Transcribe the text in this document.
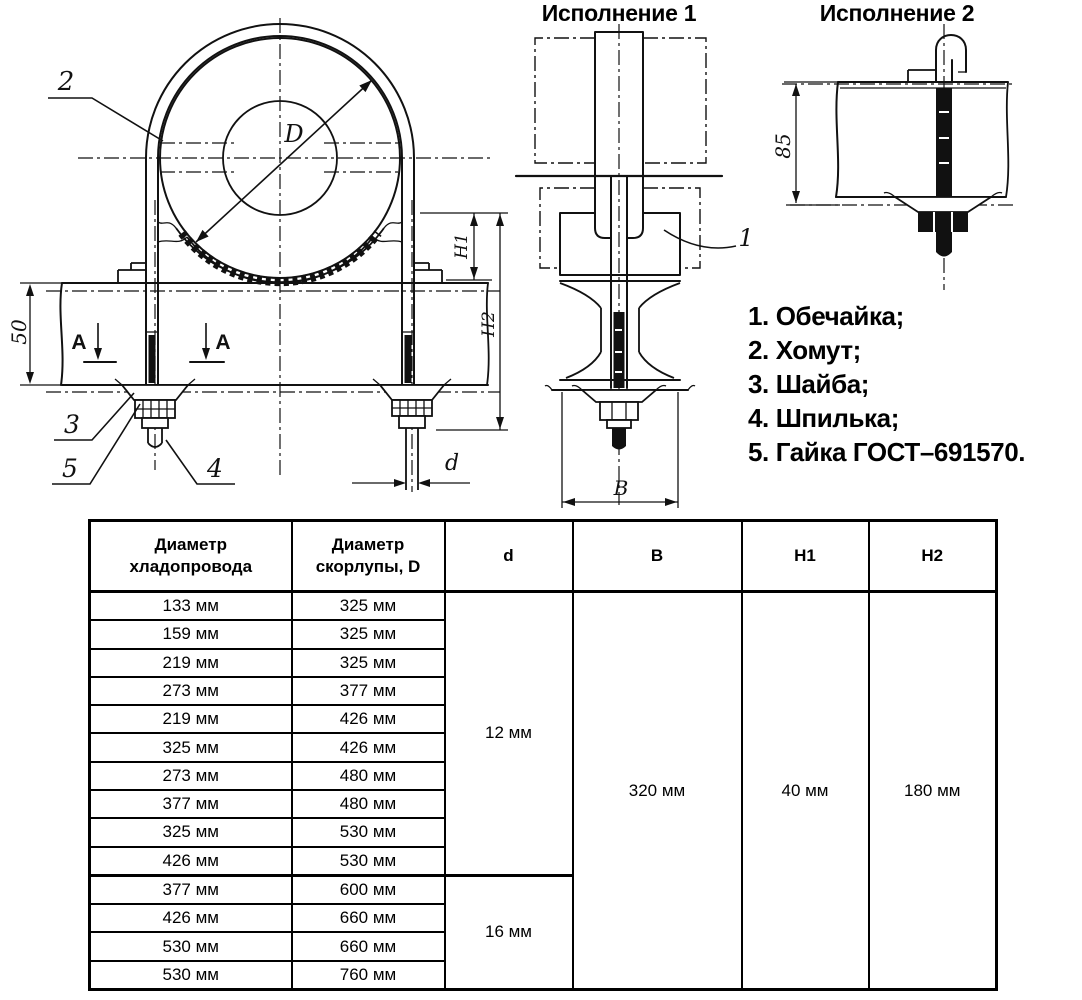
50
H1
H2
d
D
A	A
2
3
5	4
В
1
85
Исполнение 1	Исполнение 2
1. Обечайка;
2. Хомут;
3. Шайба;
4. Шпилька;
5. Гайка ГОСТ–691570.
Диаметр хладопровода	Диаметр скорлупы, D	d	B	H1	H2
133 мм	325 мм	12 мм	320 мм	40 мм	180 мм
159 мм	325 мм				
219 мм	325 мм				
273 мм	377 мм				
219 мм	426 мм				
325 мм	426 мм				
273 мм	480 мм				
377 мм	480 мм				
325 мм	530 мм				
426 мм	530 мм				
377 мм	600 мм	16 мм			
426 мм	660 мм				
530 мм	660 мм				
530 мм	760 мм				
